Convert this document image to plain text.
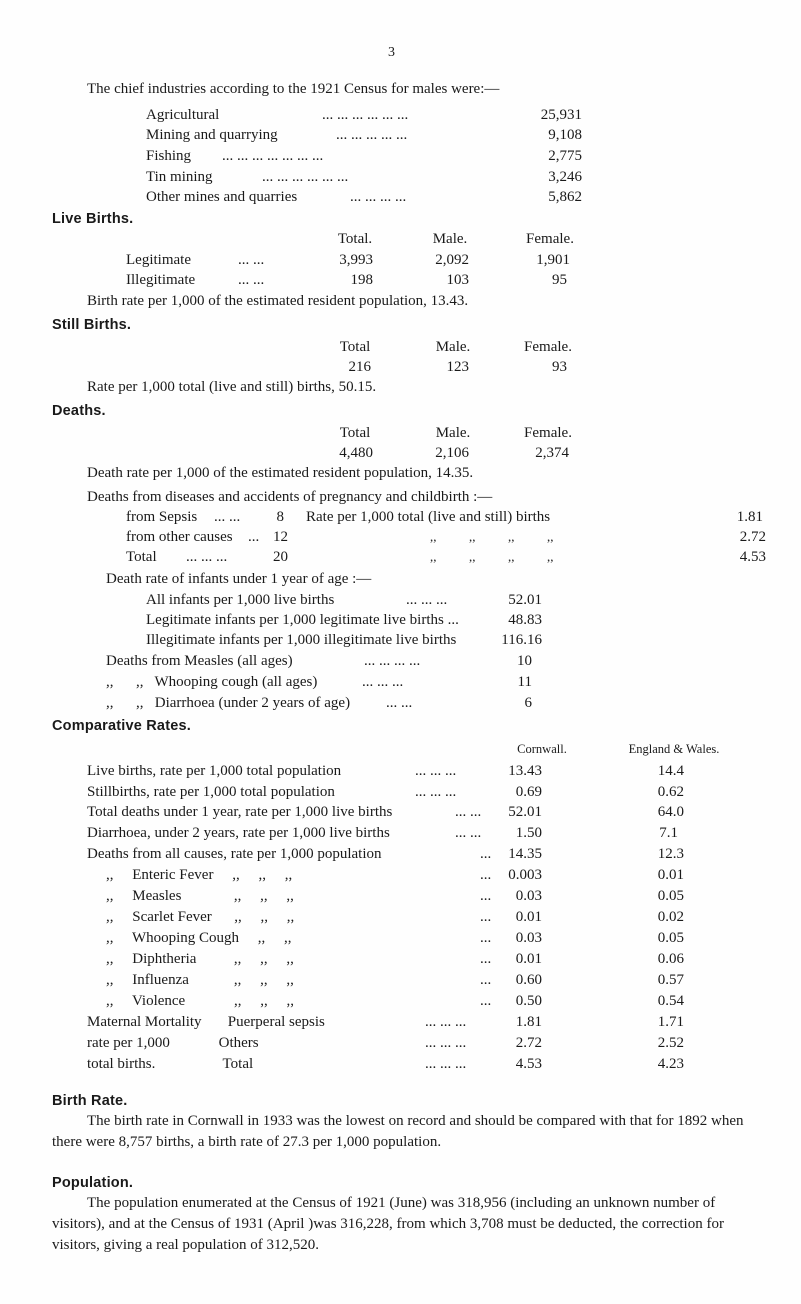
3
The chief industries according to the 1921 Census for males were:—
Agricultural	... ... ... ... ... ...	25,931
Mining and quarrying	... ... ... ... ...	9,108
Fishing ... ... ... ... ... ... ...	2,775
Tin mining	... ... ... ... ... ...	3,246
Other mines and quarries	... ... ... ...	5,862
Live Births.
Total.	Male.	Female.
Legitimate	... ...	3,993	2,092	1,901
Illegitimate	... ...	198	103	95
Birth rate per 1,000 of the estimated resident population, 13.43.
Still Births.
Total	Male.	Female.
216	123	93
Rate per 1,000 total (live and still) births, 50.15.
Deaths.
Total	Male.	Female.
4,480	2,106	2,374
Death rate per 1,000 of the estimated resident population, 14.35.
Deaths from diseases and accidents of pregnancy and childbirth :—
from Sepsis ... ...	8 Rate per 1,000 total (live and still) births	1.81
from other causes ... 12	,,          ,,          ,,          ,,	2.72
Total ... ... ...	20	,,          ,,          ,,          ,,	4.53
Death rate of infants under 1 year of age :—
All infants per 1,000 live births	... ... ...	52.01
Legitimate infants per 1,000 legitimate live births ...	48.83
Illegitimate infants per 1,000 illegitimate live births	116.16
Deaths from Measles (all ages)	... ... ... ...	10
,,      ,,   Whooping cough (all ages)	... ... ...	11
,,      ,,   Diarrhoea (under 2 years of age) ... ...	6
Comparative Rates.
Cornwall.	England & Wales.
Live births, rate per 1,000 total population	... ... ...	13.43	14.4
Stillbirths, rate per 1,000 total population	... ... ...	0.69	0.62
Total deaths under 1 year, rate per 1,000 live births	... ...	52.01	64.0
Diarrhoea, under 2 years, rate per 1,000 live births	... ...	1.50	7.1
Deaths from all causes, rate per 1,000 population	...	14.35	12.3
,,     Enteric Fever     ,,     ,,     ,,	...	0.003	0.01
,,     Measles              ,,     ,,     ,,	...	0.03	0.05
,,     Scarlet Fever      ,,     ,,     ,,	...	0.01	0.02
,,     Whooping Cough     ,,     ,,	...	0.03	0.05
,,     Diphtheria          ,,     ,,     ,,	...	0.01	0.06
,,     Influenza            ,,     ,,     ,,	...	0.60	0.57
,,     Violence             ,,     ,,     ,,	...	0.50	0.54
Maternal Mortality       Puerperal sepsis	... ... ...	1.81	1.71
rate per 1,000             Others	... ... ...	2.72	2.52
total births.                  Total	... ... ...	4.53	4.23
Birth Rate.
The birth rate in Cornwall in 1933 was the lowest on record and should be compared with that for 1892 when there were 8,757 births, a birth rate of 27.3 per 1,000 population.
Population.
The population enumerated at the Census of 1921 (June) was 318,956 (including an unknown number of visitors), and at the Census of 1931 (April )was 316,228, from which 3,708 must be deducted, the correction for visitors, giving a real population of 312,520.
